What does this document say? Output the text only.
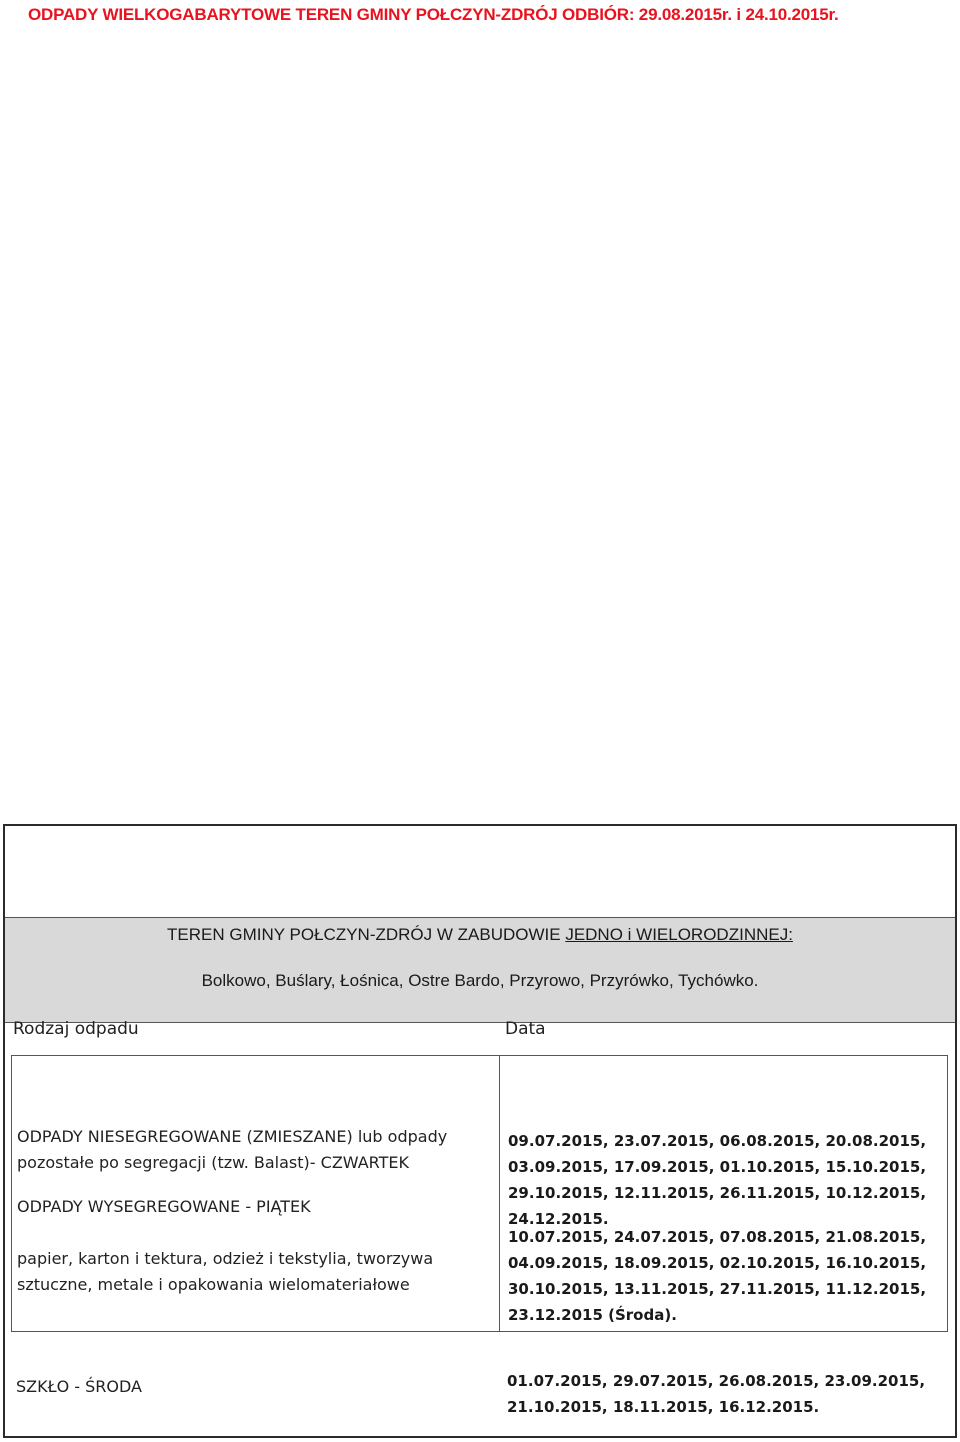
ODPADY WIELKOGABARYTOWE TEREN GMINY POŁCZYN-ZDRÓJ ODBIÓR: 29.08.2015r. i 24.10.2015r.
TEREN GMINY POŁCZYN-ZDRÓJ W ZABUDOWIE JEDNO i WIELORODZINNEJ:
Bolkowo, Buślary, Łośnica, Ostre Bardo, Przyrowo, Przyrówko, Tychówko.
Rodzaj odpadu	Data
ODPADY NIESEGREGOWANE (ZMIESZANE) lub odpady pozostałe po segregacji (tzw. Balast)- CZWARTEK
09.07.2015, 23.07.2015, 06.08.2015, 20.08.2015, 03.09.2015, 17.09.2015, 01.10.2015, 15.10.2015, 29.10.2015, 12.11.2015, 26.11.2015, 10.12.2015, 24.12.2015.
ODPADY WYSEGREGOWANE - PIĄTEK
papier, karton i tektura, odzież i tekstylia, tworzywa sztuczne, metale i opakowania wielomateriałowe
10.07.2015, 24.07.2015, 07.08.2015, 21.08.2015, 04.09.2015, 18.09.2015, 02.10.2015, 16.10.2015, 30.10.2015, 13.11.2015, 27.11.2015, 11.12.2015, 23.12.2015 (Środa).
SZKŁO - ŚRODA	01.07.2015, 29.07.2015, 26.08.2015, 23.09.2015, 21.10.2015, 18.11.2015, 16.12.2015.
